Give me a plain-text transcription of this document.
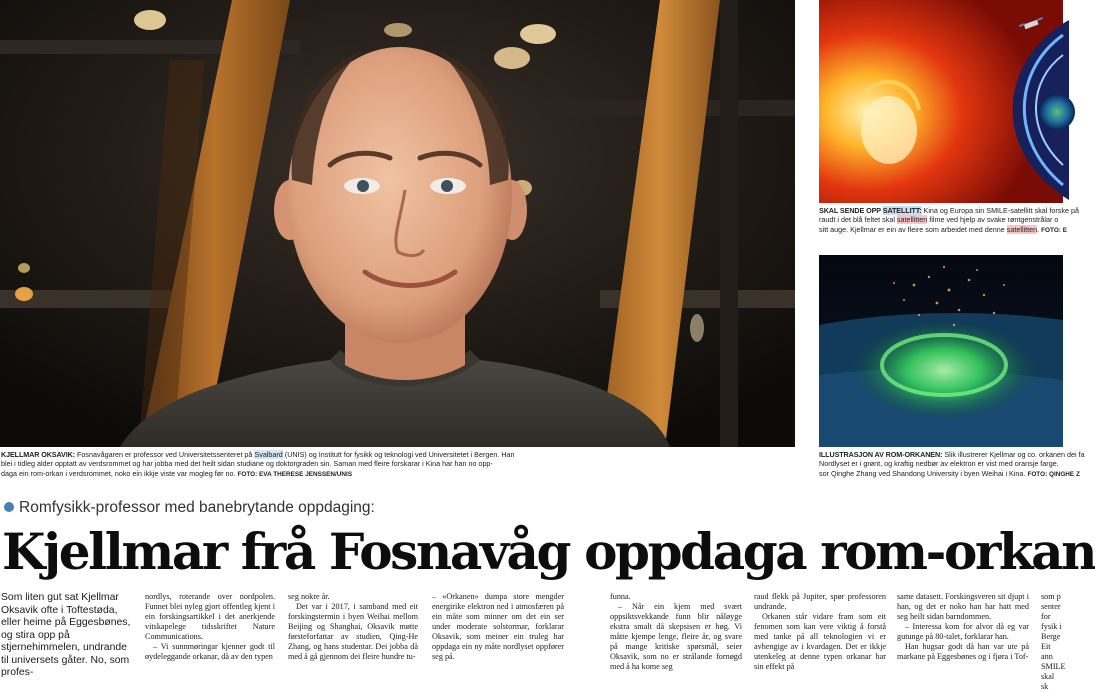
KJELLMAR OKSAVIK: Fosnavågaren er professor ved Universitetssenteret på Svalbard (UNIS) og Institutt for fysikk og teknologi ved Universitetet i Bergen. Han
blei i tidleg alder opptatt av verdsrommet og har jobba med det heilt sidan studiane og doktorgraden sin. Saman med fleire forskarar i Kina har han no opp-
daga ein rom-orkan i verdsrommet, noko ein ikkje viste var mogleg før no. FOTO: EVA THERESE JENSSEN/UNIS
SKAL SENDE OPP SATELLITT: Kina og Europa sin SMILE-satellitt skal forske på
raudt i det blå feltet skal satellitten filme ved hjelp av svake røntgenstrålar o
sitt auge. Kjellmar er ein av fleire som arbeidet med denne satellitten. FOTO: E
ILLUSTRASJON AV ROM-ORKANEN: Slik illustrerer Kjellmar og co. orkanen dei fa
Nordlyset er i grønt, og kraftig nedbør av elektron er vist med oransje farge.
sor Qinghe Zhang ved Shandong University i byen Weihai i Kina. FOTO: QINGHE Z
Romfysikk-professor med banebrytande oppdaging:
Kjellmar frå Fosnavåg oppdaga rom-orkan

Som liten gut sat Kjellmar Oksavik ofte i Toftestøda, eller heime på Eggesbønes, og stira opp på stjernehimmelen, undrande til universets gåter. No, som profes-

nordlys, roterande over nordpolen. Funnet blei nyleg gjort offentleg kjent i ein forskingsartikkel i det anerkjende vitskapelege tidsskriftet Nature Communications.

– Vi sunnmøringar kjenner godt til øydeleggande orkanar, då av den typen

seg nokre år.

Det var i 2017, i samband med eit forskingstermin i byen Weihai mellom Beijing og Shanghai, Oksavik møtte førsteforfattar av studien, Qing-He Zhang, og hans studentar. Dei jobba då med å gå gjennom dei fleire hundre tu-

– «Orkanen» dumpa store mengder energirike elektron ned i atmosfæren på ein måte som minner om det ein ser under moderate solstormar, forklarar Oksavik, som meiner ein truleg har oppdaga ein ny måte nordlyset oppfører seg på.

funna.

– Når ein kjem med svært oppsiktsvekkande funn blir nåløyge ekstra smalt då skepsisen er høg. Vi måtte kjempe lenge, fleire år, og svare på mange kritiske spørsmål, seier Oksavik, som no er strålande fornøgd med å ha kome seg

raud flekk på Jupiter, spør professoren undrande.

Orkanen står vidare fram som eit fenomen som kan vere viktig å forstå med tanke på all teknologien vi er avhengige av i kvardagen. Det er ikkje utenkeleg at denne typen orkanar har sin effekt på

same datasett. Forskingsveren sit djupt i han, og det er noko han har hatt med seg heilt sidan barndommen.

– Interessa kom for alvor då eg var gutunge på 80-talet, forklarar han.

Han hugsar godt då han var ute på markane på Eggesbønes og i fjøra i Tof-

som p senter for fysik i Berge Eit ann SMILE skal sk
